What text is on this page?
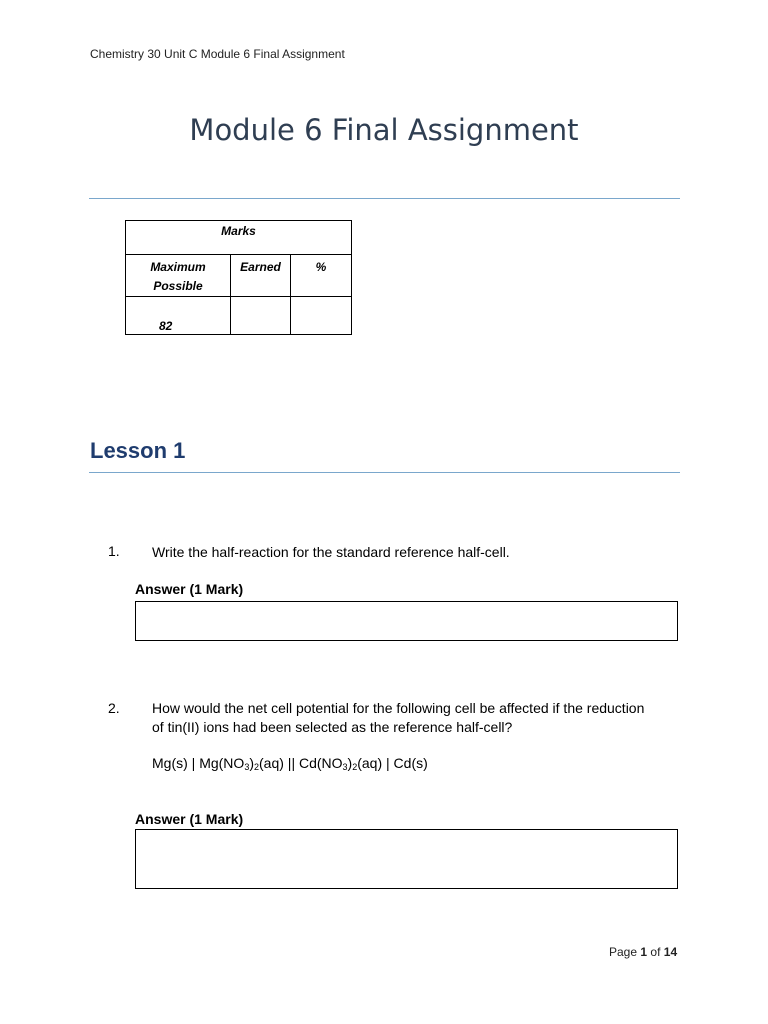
Chemistry 30 Unit C Module 6 Final Assignment
Module 6 Final Assignment
Marks		
Maximum Possible	Earned	%
82		
Lesson 1
1. Write the half-reaction for the standard reference half-cell.
Answer (1 Mark)
2. How would the net cell potential for the following cell be affected if the reduction of tin(II) ions had been selected as the reference half-cell?
Mg(s) | $Mg(NO_3)_2(aq)$ || $Cd(NO_3)_2(aq)$ | Cd(s)
Answer (1 Mark)
Page 1 of 14
